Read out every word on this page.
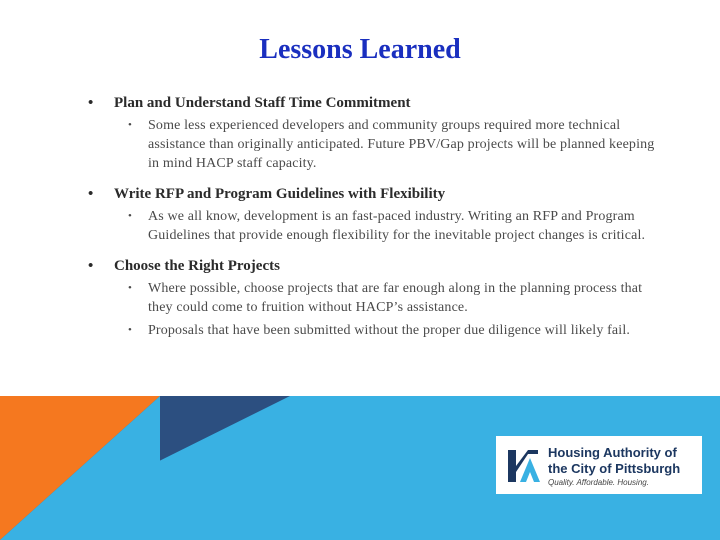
Lessons Learned
• Plan and Understand Staff Time Commitment
• Some less experienced developers and community groups required more technical assistance than originally anticipated. Future PBV/Gap projects will be planned keeping in mind HACP staff capacity.
• Write RFP and Program Guidelines with Flexibility
• As we all know, development is an fast-paced industry. Writing an RFP and Program Guidelines that provide enough flexibility for the inevitable project changes is critical.
• Choose the Right Projects
• Where possible, choose projects that are far enough along in the planning process that they could come to fruition without HACP’s assistance.
• Proposals that have been submitted without the proper due diligence will likely fail.
Housing Authority of
the City of Pittsburgh
Quality. Affordable. Housing.
